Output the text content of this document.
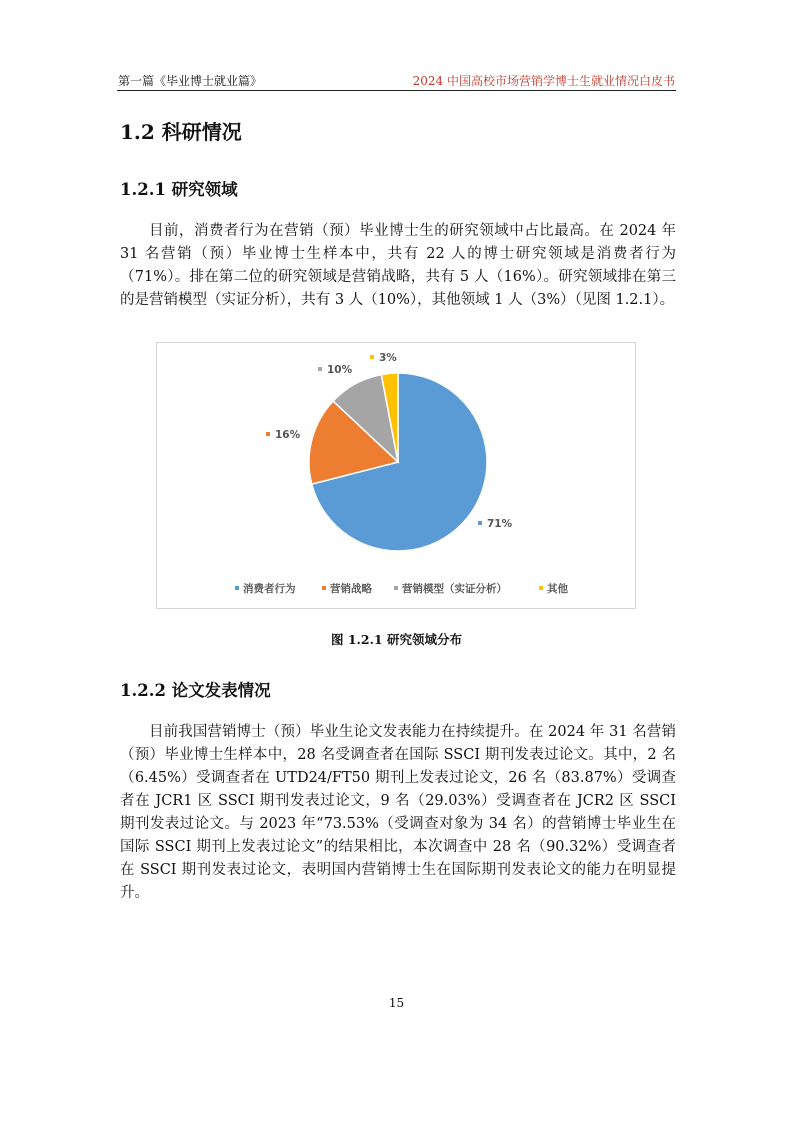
第一篇《毕业博士就业篇》	2024 中国高校市场营销学博士生就业情况白皮书
1.2 科研情况
1.2.1 研究领域

目前，消费者行为在营销（预）毕业博士生的研究领域中占比最高。在 2024 年 31 名营销（预）毕业博士生样本中，共有 22 人的博士研究领域是消费者行为（71%）。排在第二位的研究领域是营销战略，共有 5 人（16%）。研究领域排在第三的是营销模型（实证分析），共有 3 人（10%），其他领域 1 人（3%）（见图 1.2.1）。

71%
16%
10%
3%
消费者行为	营销战略	营销模型（实证分析）	其他
图 1.2.1 研究领域分布
1.2.2 论文发表情况

目前我国营销博士（预）毕业生论文发表能力在持续提升。在 2024 年 31 名营销（预）毕业博士生样本中，28 名受调查者在国际 SSCI 期刊发表过论文。其中，2 名（6.45%）受调查者在 UTD24/FT50 期刊上发表过论文，26 名（83.87%）受调查者在 JCR1 区 SSCI 期刊发表过论文，9 名（29.03%）受调查者在 JCR2 区 SSCI 期刊发表过论文。与 2023 年“73.53%（受调查对象为 34 名）的营销博士毕业生在国际 SSCI 期刊上发表过论文”的结果相比，本次调查中 28 名（90.32%）受调查者在 SSCI 期刊发表过论文，表明国内营销博士生在国际期刊发表论文的能力在明显提升。

15
